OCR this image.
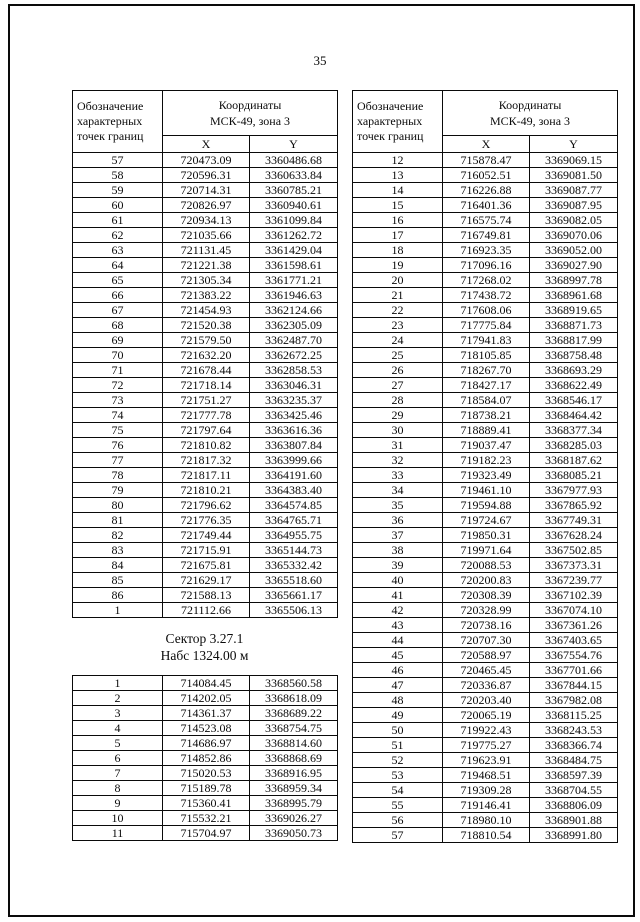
35
Обозначение
характерных
точек границ

Координаты
МСК-49, зона 3

	X	Y
57	720473.09	3360486.68
58	720596.31	3360633.84
59	720714.31	3360785.21
60	720826.97	3360940.61
61	720934.13	3361099.84
62	721035.66	3361262.72
63	721131.45	3361429.04
64	721221.38	3361598.61
65	721305.34	3361771.21
66	721383.22	3361946.63
67	721454.93	3362124.66
68	721520.38	3362305.09
69	721579.50	3362487.70
70	721632.20	3362672.25
71	721678.44	3362858.53
72	721718.14	3363046.31
73	721751.27	3363235.37
74	721777.78	3363425.46
75	721797.64	3363616.36
76	721810.82	3363807.84
77	721817.32	3363999.66
78	721817.11	3364191.60
79	721810.21	3364383.40
80	721796.62	3364574.85
81	721776.35	3364765.71
82	721749.44	3364955.75
83	721715.91	3365144.73
84	721675.81	3365332.42
85	721629.17	3365518.60
86	721588.13	3365661.17
1	721112.66	3365506.13
Сектор 3.27.1
Набс 1324.00 м
1	714084.45	3368560.58
2	714202.05	3368618.09
3	714361.37	3368689.22
4	714523.08	3368754.75
5	714686.97	3368814.60
6	714852.86	3368868.69
7	715020.53	3368916.95
8	715189.78	3368959.34
9	715360.41	3368995.79
10	715532.21	3369026.27
11	715704.97	3369050.73
Обозначение
характерных
точек границ

Координаты
МСК-49, зона 3

	X	Y
12	715878.47	3369069.15
13	716052.51	3369081.50
14	716226.88	3369087.77
15	716401.36	3369087.95
16	716575.74	3369082.05
17	716749.81	3369070.06
18	716923.35	3369052.00
19	717096.16	3369027.90
20	717268.02	3368997.78
21	717438.72	3368961.68
22	717608.06	3368919.65
23	717775.84	3368871.73
24	717941.83	3368817.99
25	718105.85	3368758.48
26	718267.70	3368693.29
27	718427.17	3368622.49
28	718584.07	3368546.17
29	718738.21	3368464.42
30	718889.41	3368377.34
31	719037.47	3368285.03
32	719182.23	3368187.62
33	719323.49	3368085.21
34	719461.10	3367977.93
35	719594.88	3367865.92
36	719724.67	3367749.31
37	719850.31	3367628.24
38	719971.64	3367502.85
39	720088.53	3367373.31
40	720200.83	3367239.77
41	720308.39	3367102.39
42	720328.99	3367074.10
43	720738.16	3367361.26
44	720707.30	3367403.65
45	720588.97	3367554.76
46	720465.45	3367701.66
47	720336.87	3367844.15
48	720203.40	3367982.08
49	720065.19	3368115.25
50	719922.43	3368243.53
51	719775.27	3368366.74
52	719623.91	3368484.75
53	719468.51	3368597.39
54	719309.28	3368704.55
55	719146.41	3368806.09
56	718980.10	3368901.88
57	718810.54	3368991.80
